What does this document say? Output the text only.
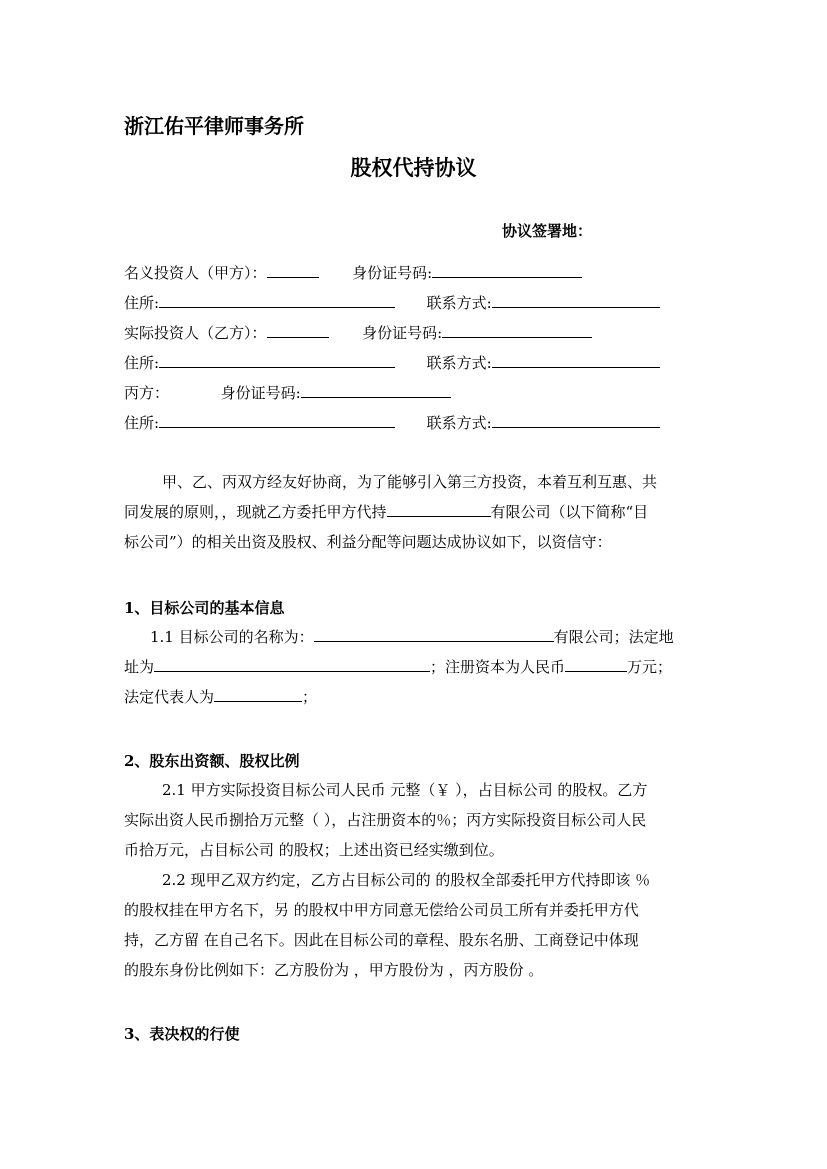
浙江佑平律师事务所
股权代持协议
协议签署地：
名义投资人（甲方）：	身份证号码:
住所:	联系方式:
实际投资人（乙方）：	身份证号码:
住所:	联系方式:
丙方：	身份证号码:
住所:	联系方式:
甲、乙、丙双方经友好协商，为了能够引入第三方投资，本着互利互惠、共
同发展的原则，，现就乙方委托甲方代持	有限公司（以下简称“目
标公司”）的相关出资及股权、利益分配等问题达成协议如下，以资信守：
1、目标公司的基本信息
1.1 目标公司的名称为：	有限公司；法定地
址为	；注册资本为人民币	万元；
法定代表人为	；
2、股东出资额、股权比例
2.1 甲方实际投资目标公司人民币 元整（￥ ），占目标公司 的股权。乙方
实际出资人民币捌拾万元整（ ），占注册资本的％；丙方实际投资目标公司人民
币拾万元，占目标公司 的股权；上述出资已经实缴到位。
2.2 现甲乙双方约定，乙方占目标公司的 的股权全部委托甲方代持即该 ％
的股权挂在甲方名下，另 的股权中甲方同意无偿给公司员工所有并委托甲方代
持，乙方留 在自己名下。因此在目标公司的章程、股东名册、工商登记中体现
的股东身份比例如下：乙方股份为 ，甲方股份为 ，丙方股份 。
3、表决权的行使
